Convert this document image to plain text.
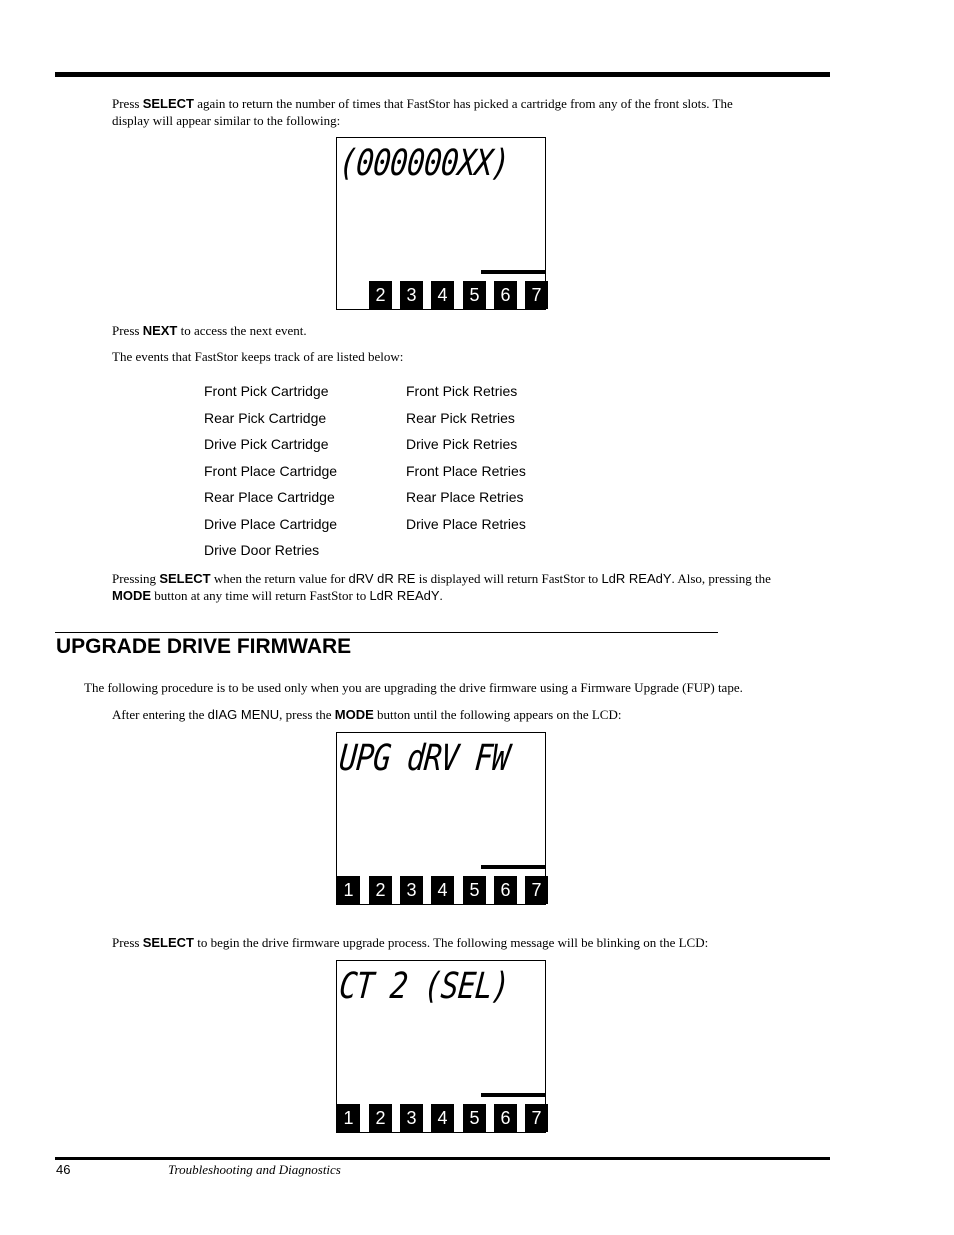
Press SELECT again to return the number of times that FastStor has picked a cartridge from any of the front slots. The
display will appear similar to the following:
(000000XX)
2	3	4	5	6	7
Press NEXT to access the next event.
The events that FastStor keeps track of are listed below:
Front Pick Cartridge	Front Pick Retries
Rear Pick Cartridge	Rear Pick Retries
Drive Pick Cartridge	Drive Pick Retries
Front Place Cartridge	Front Place Retries
Rear Place Cartridge	Rear Place Retries
Drive Place Cartridge	Drive Place Retries
Drive Door Retries
Pressing SELECT when the return value for dRV dR RE is displayed will return FastStor to LdR REAdY. Also, pressing the
MODE button at any time will return FastStor to LdR REAdY.
UPGRADE DRIVE FIRMWARE
The following procedure is to be used only when you are upgrading the drive firmware using a Firmware Upgrade (FUP) tape.
After entering the dIAG MENU, press the MODE button until the following appears on the LCD:
UPG dRV FW
1	2	3	4	5	6	7
Press SELECT to begin the drive firmware upgrade process. The following message will be blinking on the LCD:
CT 2 (SEL)
1	2	3	4	5	6	7
46	Troubleshooting and Diagnostics
